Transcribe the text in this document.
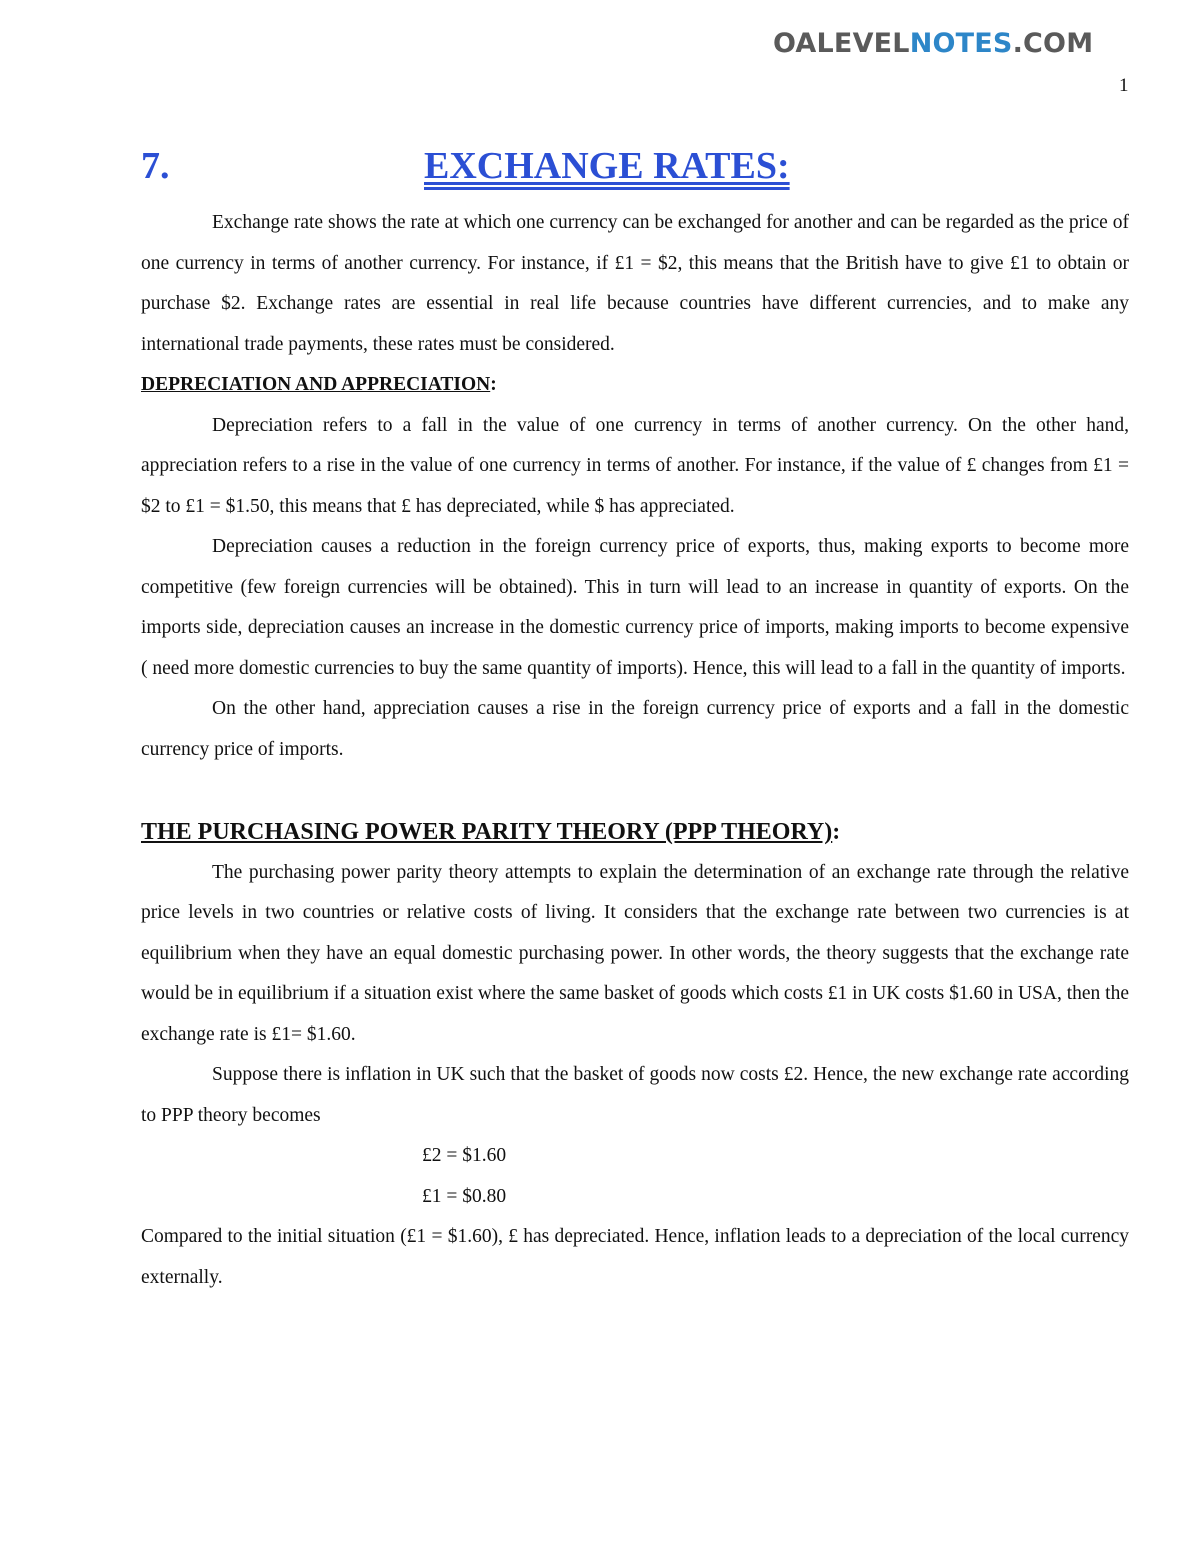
OALEVELNOTES.COM
1
7.	EXCHANGE RATES:

Exchange rate shows the rate at which one currency can be exchanged for another and can be regarded as the price of one currency in terms of another currency. For instance, if £1 = $2, this means that the British have to give £1 to obtain or purchase $2. Exchange rates are essential in real life because countries have different currencies, and to make any international trade payments, these rates must be considered.

DEPRECIATION AND APPRECIATION:

Depreciation refers to a fall in the value of one currency in terms of another currency. On the other hand, appreciation refers to a rise in the value of one currency in terms of another. For instance, if the value of £ changes from £1 = $2 to £1 = $1.50, this means that £ has depreciated, while $ has appreciated.

Depreciation causes a reduction in the foreign currency price of exports, thus, making exports to become more competitive (few foreign currencies will be obtained). This in turn will lead to an increase in quantity of exports. On the imports side, depreciation causes an increase in the domestic currency price of imports, making imports to become expensive ( need more domestic currencies to buy the same quantity of imports). Hence, this will lead to a fall in the quantity of imports.

On the other hand, appreciation causes a rise in the foreign currency price of exports and a fall in the domestic currency price of imports.

THE PURCHASING POWER PARITY THEORY (PPP THEORY):

The purchasing power parity theory attempts to explain the determination of an exchange rate through the relative price levels in two countries or relative costs of living. It considers that the exchange rate between two currencies is at equilibrium when they have an equal domestic purchasing power. In other words, the theory suggests that the exchange rate would be in equilibrium if a situation exist where the same basket of goods which costs £1 in UK costs $1.60 in USA, then the exchange rate is £1= $1.60.

Suppose there is inflation in UK such that the basket of goods now costs £2. Hence, the new exchange rate according to PPP theory becomes

£2 = $1.60

£1 = $0.80

Compared to the initial situation (£1 = $1.60), £ has depreciated. Hence, inflation leads to a depreciation of the local currency externally.
